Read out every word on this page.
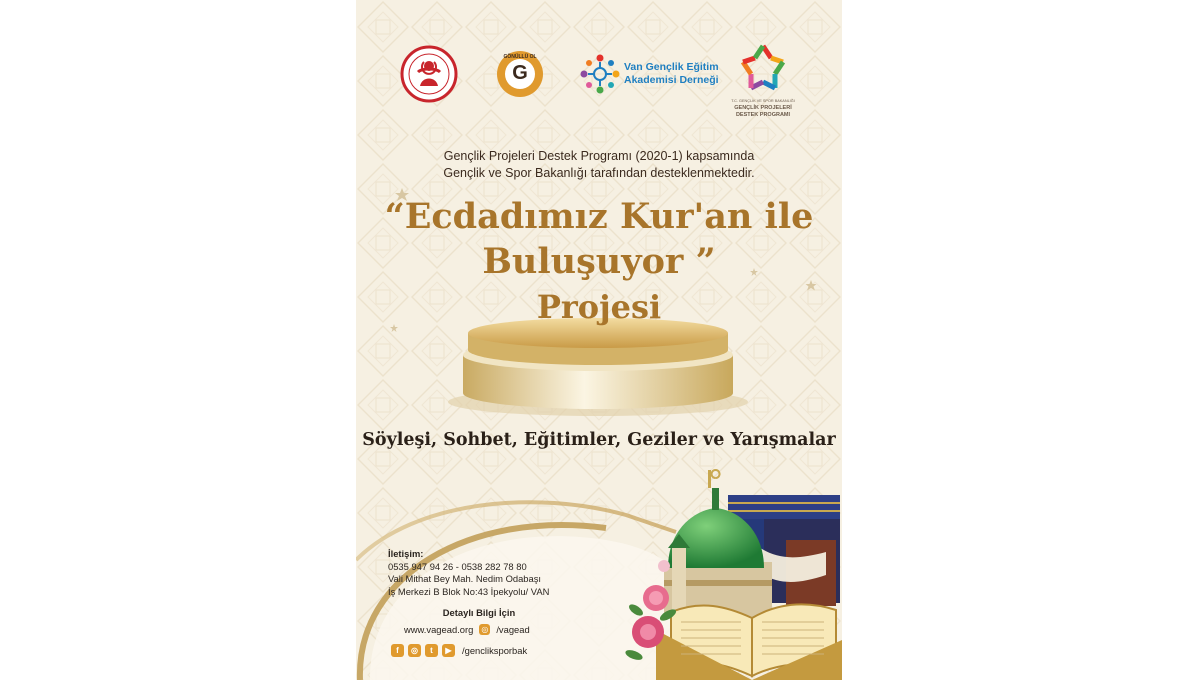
G
GÖNÜLLÜ OL
Van Gençlik Eğitim
Akademisi Derneği
T.C. GENÇLİK VE SPOR BAKANLIĞI
GENÇLİK PROJELERİ
DESTEK PROGRAMI
Gençlik Projeleri Destek Programı (2020-1) kapsamında
Gençlik ve Spor Bakanlığı tarafından desteklenmektedir.
“Ecdadımız Kur'an ile
Buluşuyor ”
Projesi
Söyleşi, Sohbet, Eğitimler, Geziler ve Yarışmalar
İletişim:
0535 947 94 26 - 0538 282 78 80
Vali Mithat Bey Mah. Nedim Odabaşı
İş Merkezi B Blok No:43 İpekyolu/ VAN
Detaylı Bilgi İçin
www.vagead.org ◎ /vagead
f	◎	t	▶	/gencliksporbak
